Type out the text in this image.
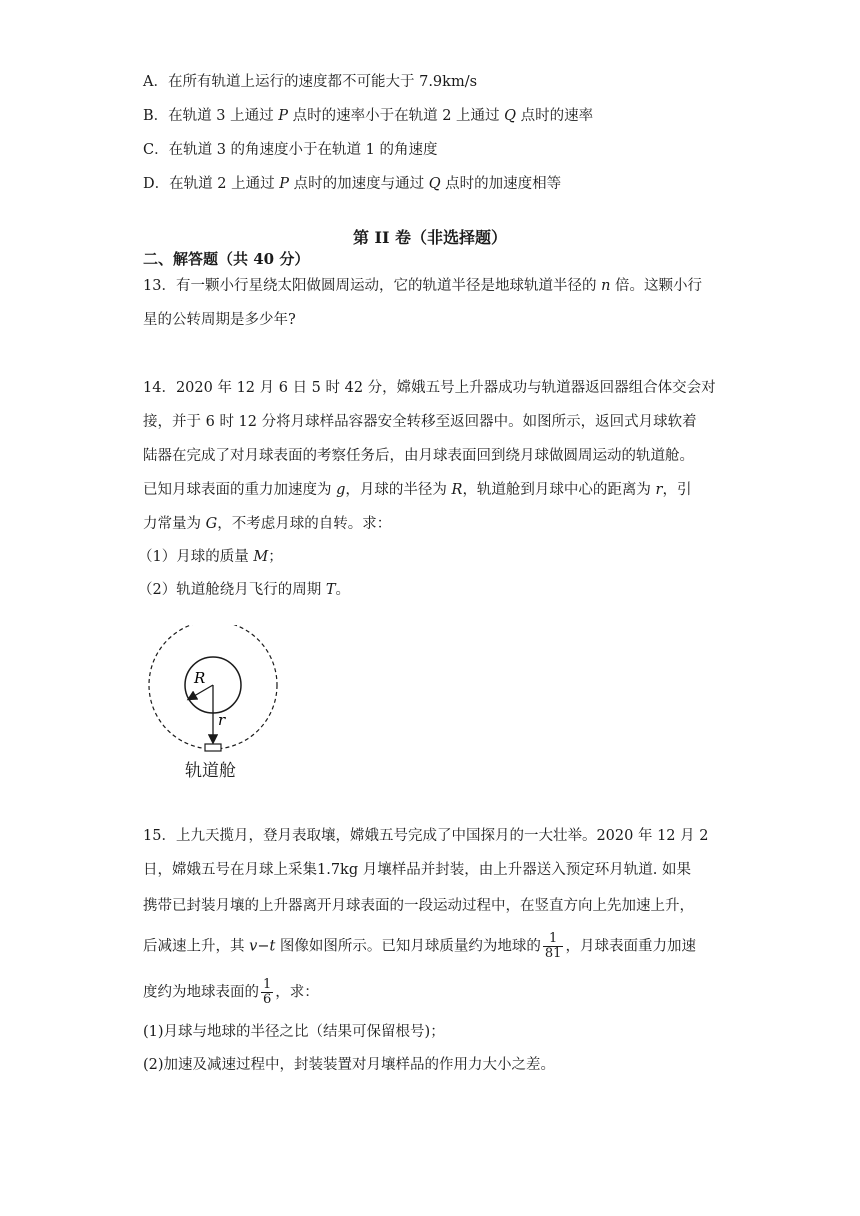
A．在所有轨道上运行的速度都不可能大于 7.9km/s
B．在轨道 3 上通过 P 点时的速率小于在轨道 2 上通过 Q 点时的速率
C．在轨道 3 的角速度小于在轨道 1 的角速度
D．在轨道 2 上通过 P 点时的加速度与通过 Q 点时的加速度相等
第 II 卷（非选择题）
二、解答题（共 40 分）
13．有一颗小行星绕太阳做圆周运动，它的轨道半径是地球轨道半径的 n 倍。这颗小行
星的公转周期是多少年?
14．2020 年 12 月 6 日 5 时 42 分，嫦娥五号上升器成功与轨道器返回器组合体交会对
接，并于 6 时 12 分将月球样品容器安全转移至返回器中。如图所示，返回式月球软着
陆器在完成了对月球表面的考察任务后，由月球表面回到绕月球做圆周运动的轨道舱。
已知月球表面的重力加速度为 g，月球的半径为 R，轨道舱到月球中心的距离为 r，引
力常量为 G，不考虑月球的自转。求：
（1）月球的质量 M；
（2）轨道舱绕月飞行的周期 T。
R
r
轨道舱
15．上九天揽月，登月表取壤，嫦娥五号完成了中国探月的一大壮举。2020 年 12 月 2
日，嫦娥五号在月球上采集1.7kg 月壤样品并封装，由上升器送入预定环月轨道. 如果
携带已封装月壤的上升器离开月球表面的一段运动过程中，在竖直方向上先加速上升，
后减速上升，其 v−t 图像如图所示。已知月球质量约为地球的 $\frac{1}{81}$ ，月球表面重力加速
度约为地球表面的 $\frac{1}{6}$ ，求：
(1)月球与地球的半径之比（结果可保留根号)；
(2)加速及减速过程中，封装装置对月壤样品的作用力大小之差。
